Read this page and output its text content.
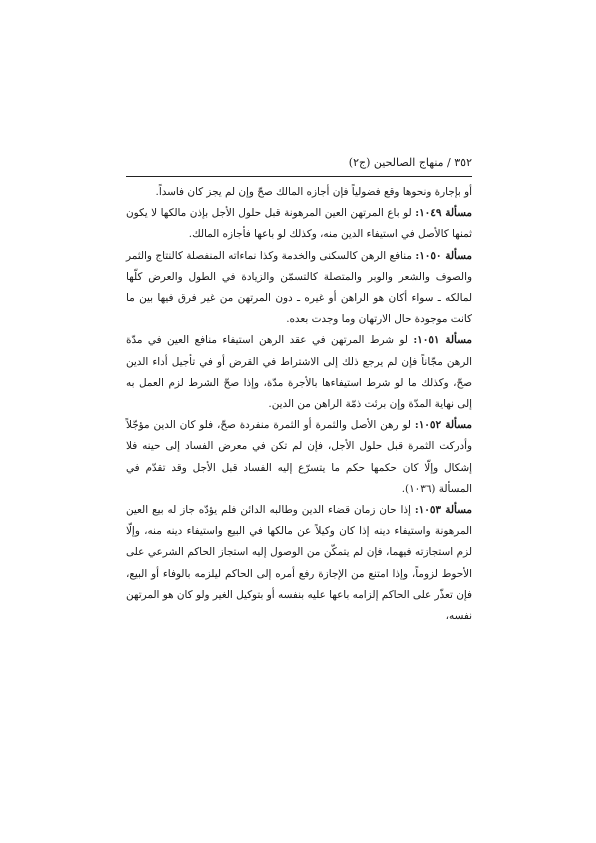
٣٥٢ / منهاج الصالحين (ج٢)

أو بإجارة ونحوها وقع فضولياً فإن أجازه المالك صحّ وإن لم يجز كان فاسداً.

مسألة ١٠٤٩: لو باع المرتهن العين المرهونة قبل حلول الأجل بإذن مالكها لا يكون ثمنها كالأصل في استيفاء الدين منه، وكذلك لو باعها فأجازه المالك.

مسألة ١٠٥٠: منافع الرهن كالسكنى والخدمة وكذا نماءاته المنفصلة كالنتاج والثمر والصوف والشعر والوبر والمتصلة كالتسمّن والزيادة في الطول والعرض كلّها لمالكه ـ سواء أكان هو الراهن أو غيره ـ دون المرتهن من غير فرق فيها بين ما كانت موجودة حال الارتهان وما وجدت بعده.

مسألة ١٠٥١: لو شرط المرتهن في عقد الرهن استيفاء منافع العين في مدّة الرهن مجّاناً فإن لم يرجع ذلك إلى الاشتراط في القرض أو في تأجيل أداء الدين صحّ، وكذلك ما لو شرط استيفاءها بالأجرة مدّة، وإذا صحّ الشرط لزم العمل به إلى نهاية المدّة وإن برئت ذمّة الراهن من الدين.

مسألة ١٠٥٢: لو رهن الأصل والثمرة أو الثمرة منفردة صحّ، فلو كان الدين مؤجّلاً وأدركت الثمرة قبل حلول الأجل، فإن لم تكن في معرض الفساد إلى حينه فلا إشكال وإلّا كان حكمها حكم ما يتسرّع إليه الفساد قبل الأجل وقد تقدّم في المسألة (١٠٣٦).

مسألة ١٠٥٣: إذا حان زمان قضاء الدين وطالبه الدائن فلم يؤدّه جاز له بيع العين المرهونة واستيفاء دينه إذا كان وكيلاً عن مالكها في البيع واستيفاء دينه منه، وإلّا لزم استجازته فيهما، فإن لم يتمكّن من الوصول إليه استجاز الحاكم الشرعي على الأحوط لزوماً، وإذا امتنع من الإجازة رفع أمره إلى الحاكم ليلزمه بالوفاء أو البيع، فإن تعذّر على الحاكم إلزامه باعها عليه بنفسه أو بتوكيل الغير ولو كان هو المرتهن نفسه،
